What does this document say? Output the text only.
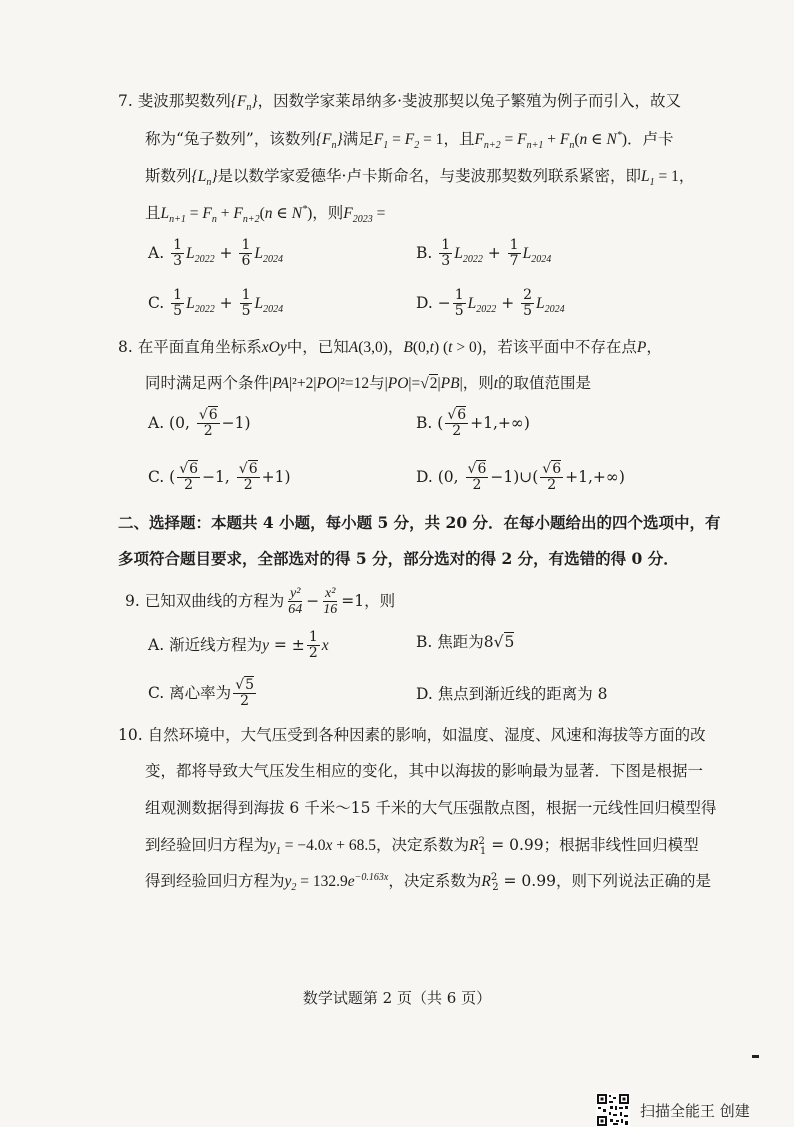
7. 斐波那契数列$\{F_n\}$，因数学家莱昂纳多·斐波那契以兔子繁殖为例子而引入，故又
称为“兔子数列”，该数列$\{F_n\}$满足$F_1 = F_2 = 1$，且$F_{n+2} = F_{n+1} + F_n(n$ ∈ N*)．卢卡
斯数列$\{L_n\}$是以数学家爱德华·卢卡斯命名，与斐波那契数列联系紧密，即$L_1 = 1$，
且$L_{n+1} = F_n + F_{n+2}(n$ ∈ N*)，则$F_{2023}$ =
A. $\frac{1}{3} L_{2022} + \frac{1}{6} L_{2024}$	B. $\frac{1}{3} L_{2022} + \frac{1}{7} L_{2024}$
C. $\frac{1}{5} L_{2022} + \frac{1}{5} L_{2024}$	D. − $\frac{1}{5} L_{2022} + \frac{2}{5} L_{2024}$
8. 在平面直角坐标系xOy中，已知A(3,0)，B(0,t) (t > 0)，若该平面中不存在点P，
同时满足两个条件|PA|²+2|PO|²=12与|PO|=√2|PB|，则t的取值范围是
A. (0, $\frac{√6}{2} -1$)	B. ( $\frac{√6}{2} +1,+\infty$)
C. ( $\frac{√6}{2} -1$, $\frac{√6}{2} +1$)	D. (0, $\frac{√6}{2}$ −1)∪( $\frac{√6}{2} +1,+\infty$)
二、选择题：本题共 4 小题，每小题 5 分，共 20 分．在每小题给出的四个选项中，有
多项符合题目要求，全部选对的得 5 分，部分选对的得 2 分，有选错的得 0 分．
9. 已知双曲线的方程为 $\frac{\text{y²}}{64} - \frac{\text{x²}}{16} =1$，则
A. 渐近线方程为y = ± $\frac{1}{2}$ x	B. 焦距为8√5
C. 离心率为 $\frac{√5}{2}$	D. 焦点到渐近线的距离为 8
10. 自然环境中，大气压受到各种因素的影响，如温度、湿度、风速和海拔等方面的改
变，都将导致大气压发生相应的变化，其中以海拔的影响最为显著．下图是根据一
组观测数据得到海拔 6 千米～15 千米的大气压强散点图，根据一元线性回归模型得
到经验回归方程为$y_1 = -4.0x + 68.5$，决定系数为$R^2_1 = 0.99$；根据非线性回归模型
得到经验回归方程为$y_2 = 132.9e^{-0.163x}$，决定系数为$R^2_2 = 0.99$，则下列说法正确的是
数学试题第 2 页（共 6 页）
扫描全能王 创建
